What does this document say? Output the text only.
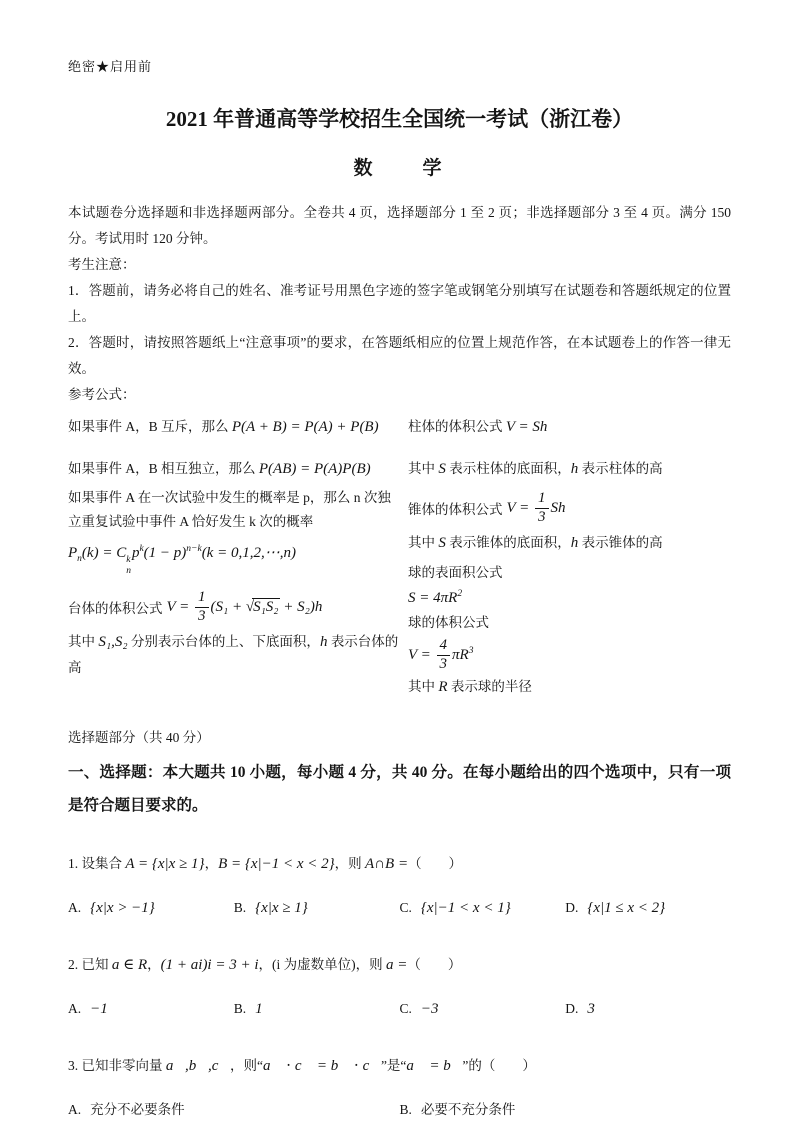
绝密★启用前
2021 年普通高等学校招生全国统一考试（浙江卷）
数　　学

本试题卷分选择题和非选择题两部分。全卷共 4 页，选择题部分 1 至 2 页；非选择题部分 3 至 4 页。满分 150 分。考试用时 120 分钟。

考生注意：

1．答题前，请务必将自己的姓名、准考证号用黑色字迹的签字笔或钢笔分别填写在试题卷和答题纸规定的位置上。

2．答题时，请按照答题纸上“注意事项”的要求，在答题纸相应的位置上规范作答，在本试题卷上的作答一律无效。

参考公式：

如果事件 A，B 互斥，那么 P(A + B) = P(A) + P(B)
如果事件 A，B 相互独立，那么 P(AB) = P(A)P(B)
如果事件 A 在一次试验中发生的概率是 p，那么 n 次独立重复试验中事件 A 恰好发生 k 次的概率
$P_n(k) = C$ k
n
$p^k(1 - p)^{n-k}(k$ = 0,1,2,⋯,n)
台体的体积公式 $V = \frac{1}{3} (S_1 + √S_1S_2 + S_2)h$
其中 S₁,S₂ 分别表示台体的上、下底面积，h 表示台体的高
柱体的体积公式 V = Sh
其中 S 表示柱体的底面积，h 表示柱体的高
锥体的体积公式 $V = \frac{1}{3}$ Sh
其中 S 表示锥体的底面积，h 表示锥体的高
球的表面积公式
$S = 4\pi R^2$
球的体积公式
$V = \frac{4}{3} \pi R^3$
其中 R 表示球的半径
选择题部分（共 40 分）
一、选择题：本大题共 10 小题，每小题 4 分，共 40 分。在每小题给出的四个选项中，只有一项是符合题目要求的。
1. 设集合 A = {x|x ≥ 1}，B = {x|−1 < x < 2}，则 A∩B =（　　）
A. {x|x > −1}	B. {x|x ≥ 1}	C. {x|−1 < x < 1}	D. {x|1 ≤ x < 2}
2. 已知 a ∈ R，(1 + ai)i = 3 + i，(i 为虚数单位)，则 a =（　　）
A. −1	B. 1	C. −3	D. 3
3. 已知非零向量 a⃗,b⃗,c⃗，则“a⃗ ⋅ c⃗ = b⃗ ⋅ c⃗”是“a⃗ = b⃗”的（　　）
A. 充分不必要条件	B. 必要不充分条件
